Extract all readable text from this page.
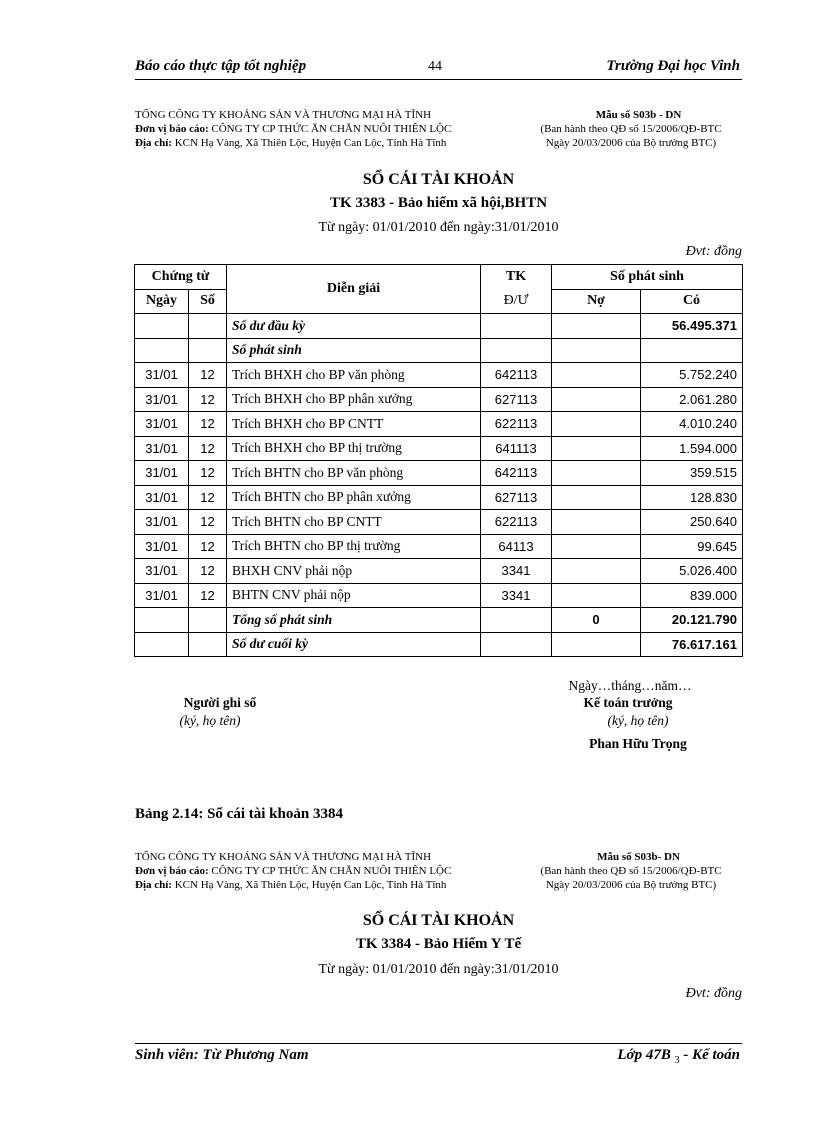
Báo cáo thực tập tốt nghiệp	44	Trường Đại học Vinh
TỔNG CÔNG TY KHOÁNG SẢN VÀ THƯƠNG MẠI HÀ TĨNH
Đơn vị báo cáo: CÔNG TY CP THỨC ĂN CHĂN NUÔI THIÊN LỘC
Địa chỉ: KCN Hạ Vàng, Xã Thiên Lộc, Huyện Can Lộc, Tỉnh Hà Tĩnh
Mẫu số S03b - DN
(Ban hành theo QĐ số 15/2006/QĐ-BTC
Ngày 20/03/2006 của Bộ trưởng BTC)
SỔ CÁI TÀI KHOẢN
TK 3383 - Bảo hiểm xã hội,BHTN
Từ ngày: 01/01/2010 đến ngày:31/01/2010
Đvt: đồng
Chứng từ		Diễn giải	TK	Số phát sinh	
Ngày	Số		Đ/Ư	Nợ	Có
		Số dư đầu kỳ			56.495.371
		Số phát sinh			
31/01	12	Trích BHXH cho BP văn phòng	642113		5.752.240
31/01	12	Trích BHXH cho BP phân xưởng	627113		2.061.280
31/01	12	Trích BHXH cho BP CNTT	622113		4.010.240
31/01	12	Trích BHXH cho BP thị trường	641113		1.594.000
31/01	12	Trích BHTN cho BP văn phòng	642113		359.515
31/01	12	Trích BHTN cho BP phân xưởng	627113		128.830
31/01	12	Trích BHTN cho BP CNTT	622113		250.640
31/01	12	Trích BHTN cho BP thị trường	64113		99.645
31/01	12	BHXH CNV phải nộp	3341		5.026.400
31/01	12	BHTN CNV phải nộp	3341		839.000
		Tổng số phát sinh		0	20.121.790
		Số dư cuối kỳ			76.617.161
Ngày…tháng…năm…
Người ghi sổ
(ký, họ tên)
Kế toán trưởng
(ký, họ tên)
Phan Hữu Trọng
Bảng 2.14: Sổ cái tài khoản 3384
TỔNG CÔNG TY KHOÁNG SẢN VÀ THƯƠNG MẠI HÀ TĨNH
Đơn vị báo cáo: CÔNG TY CP THỨC ĂN CHĂN NUÔI THIÊN LỘC
Địa chỉ: KCN Hạ Vàng, Xã Thiên Lộc, Huyện Can Lộc, Tỉnh Hà Tĩnh
Mẫu số S03b- DN
(Ban hành theo QĐ số 15/2006/QĐ-BTC
Ngày 20/03/2006 của Bộ trưởng BTC)
SỔ CÁI TÀI KHOẢN
TK 3384 - Bảo Hiểm Y Tế
Từ ngày: 01/01/2010 đến ngày:31/01/2010
Đvt: đồng
Sinh viên: Từ Phương Nam	Lớp 47B $_3$ - Kế toán
